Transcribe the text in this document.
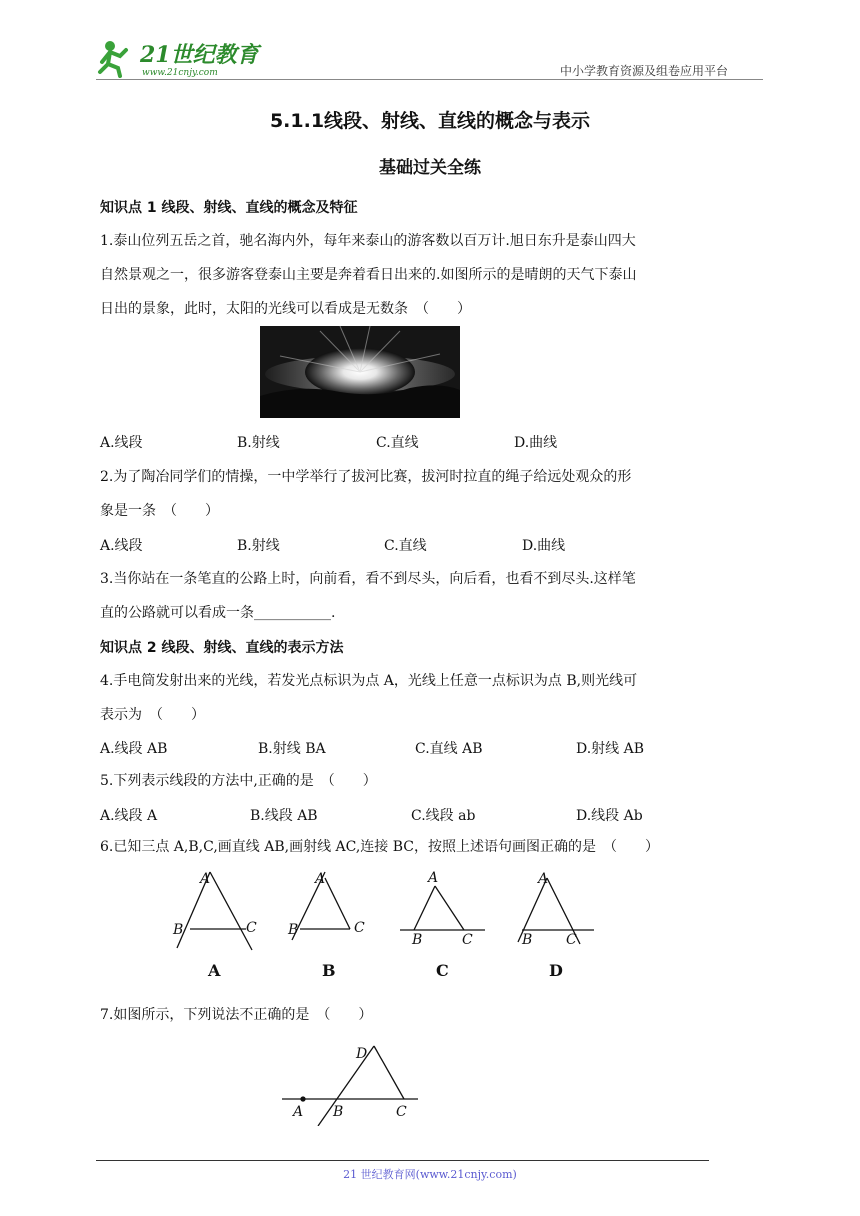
21世纪教育
www.21cnjy.com	中小学教育资源及组卷应用平台
5.1.1线段、射线、直线的概念与表示
基础过关全练
知识点 1 线段、射线、直线的概念及特征
1.泰山位列五岳之首，驰名海内外，每年来泰山的游客数以百万计.旭日东升是泰山四大
自然景观之一，很多游客登泰山主要是奔着看日出来的.如图所示的是晴朗的天气下泰山
日出的景象，此时，太阳的光线可以看成是无数条　（　　）
A.线段	B.射线	C.直线	D.曲线
2.为了陶冶同学们的情操，一中学举行了拔河比赛，拔河时拉直的绳子给远处观众的形
象是一条　（　　）
A.线段	B.射线	C.直线	D.曲线
3.当你站在一条笔直的公路上时，向前看，看不到尽头，向后看，也看不到尽头.这样笔
直的公路就可以看成一条___________.
知识点 2 线段、射线、直线的表示方法
4.手电筒发射出来的光线，若发光点标识为点 A，光线上任意一点标识为点 B,则光线可
表示为　（　　）
A.线段 AB	B.射线 BA	C.直线 AB	D.射线 AB
5.下列表示线段的方法中,正确的是　（　　）
A.线段 A	B.线段 AB	C.线段 ab	D.线段 Ab
6.已知三点 A,B,C,画直线 AB,画射线 AC,连接 BC，按照上述语句画图正确的是　（　　）
A
B	C
A
A
B	C
B
A
B	C
C
A
B C
D
7.如图所示，下列说法不正确的是　（　　）
A B	C
D
21 世纪教育网(www.21cnjy.com)
